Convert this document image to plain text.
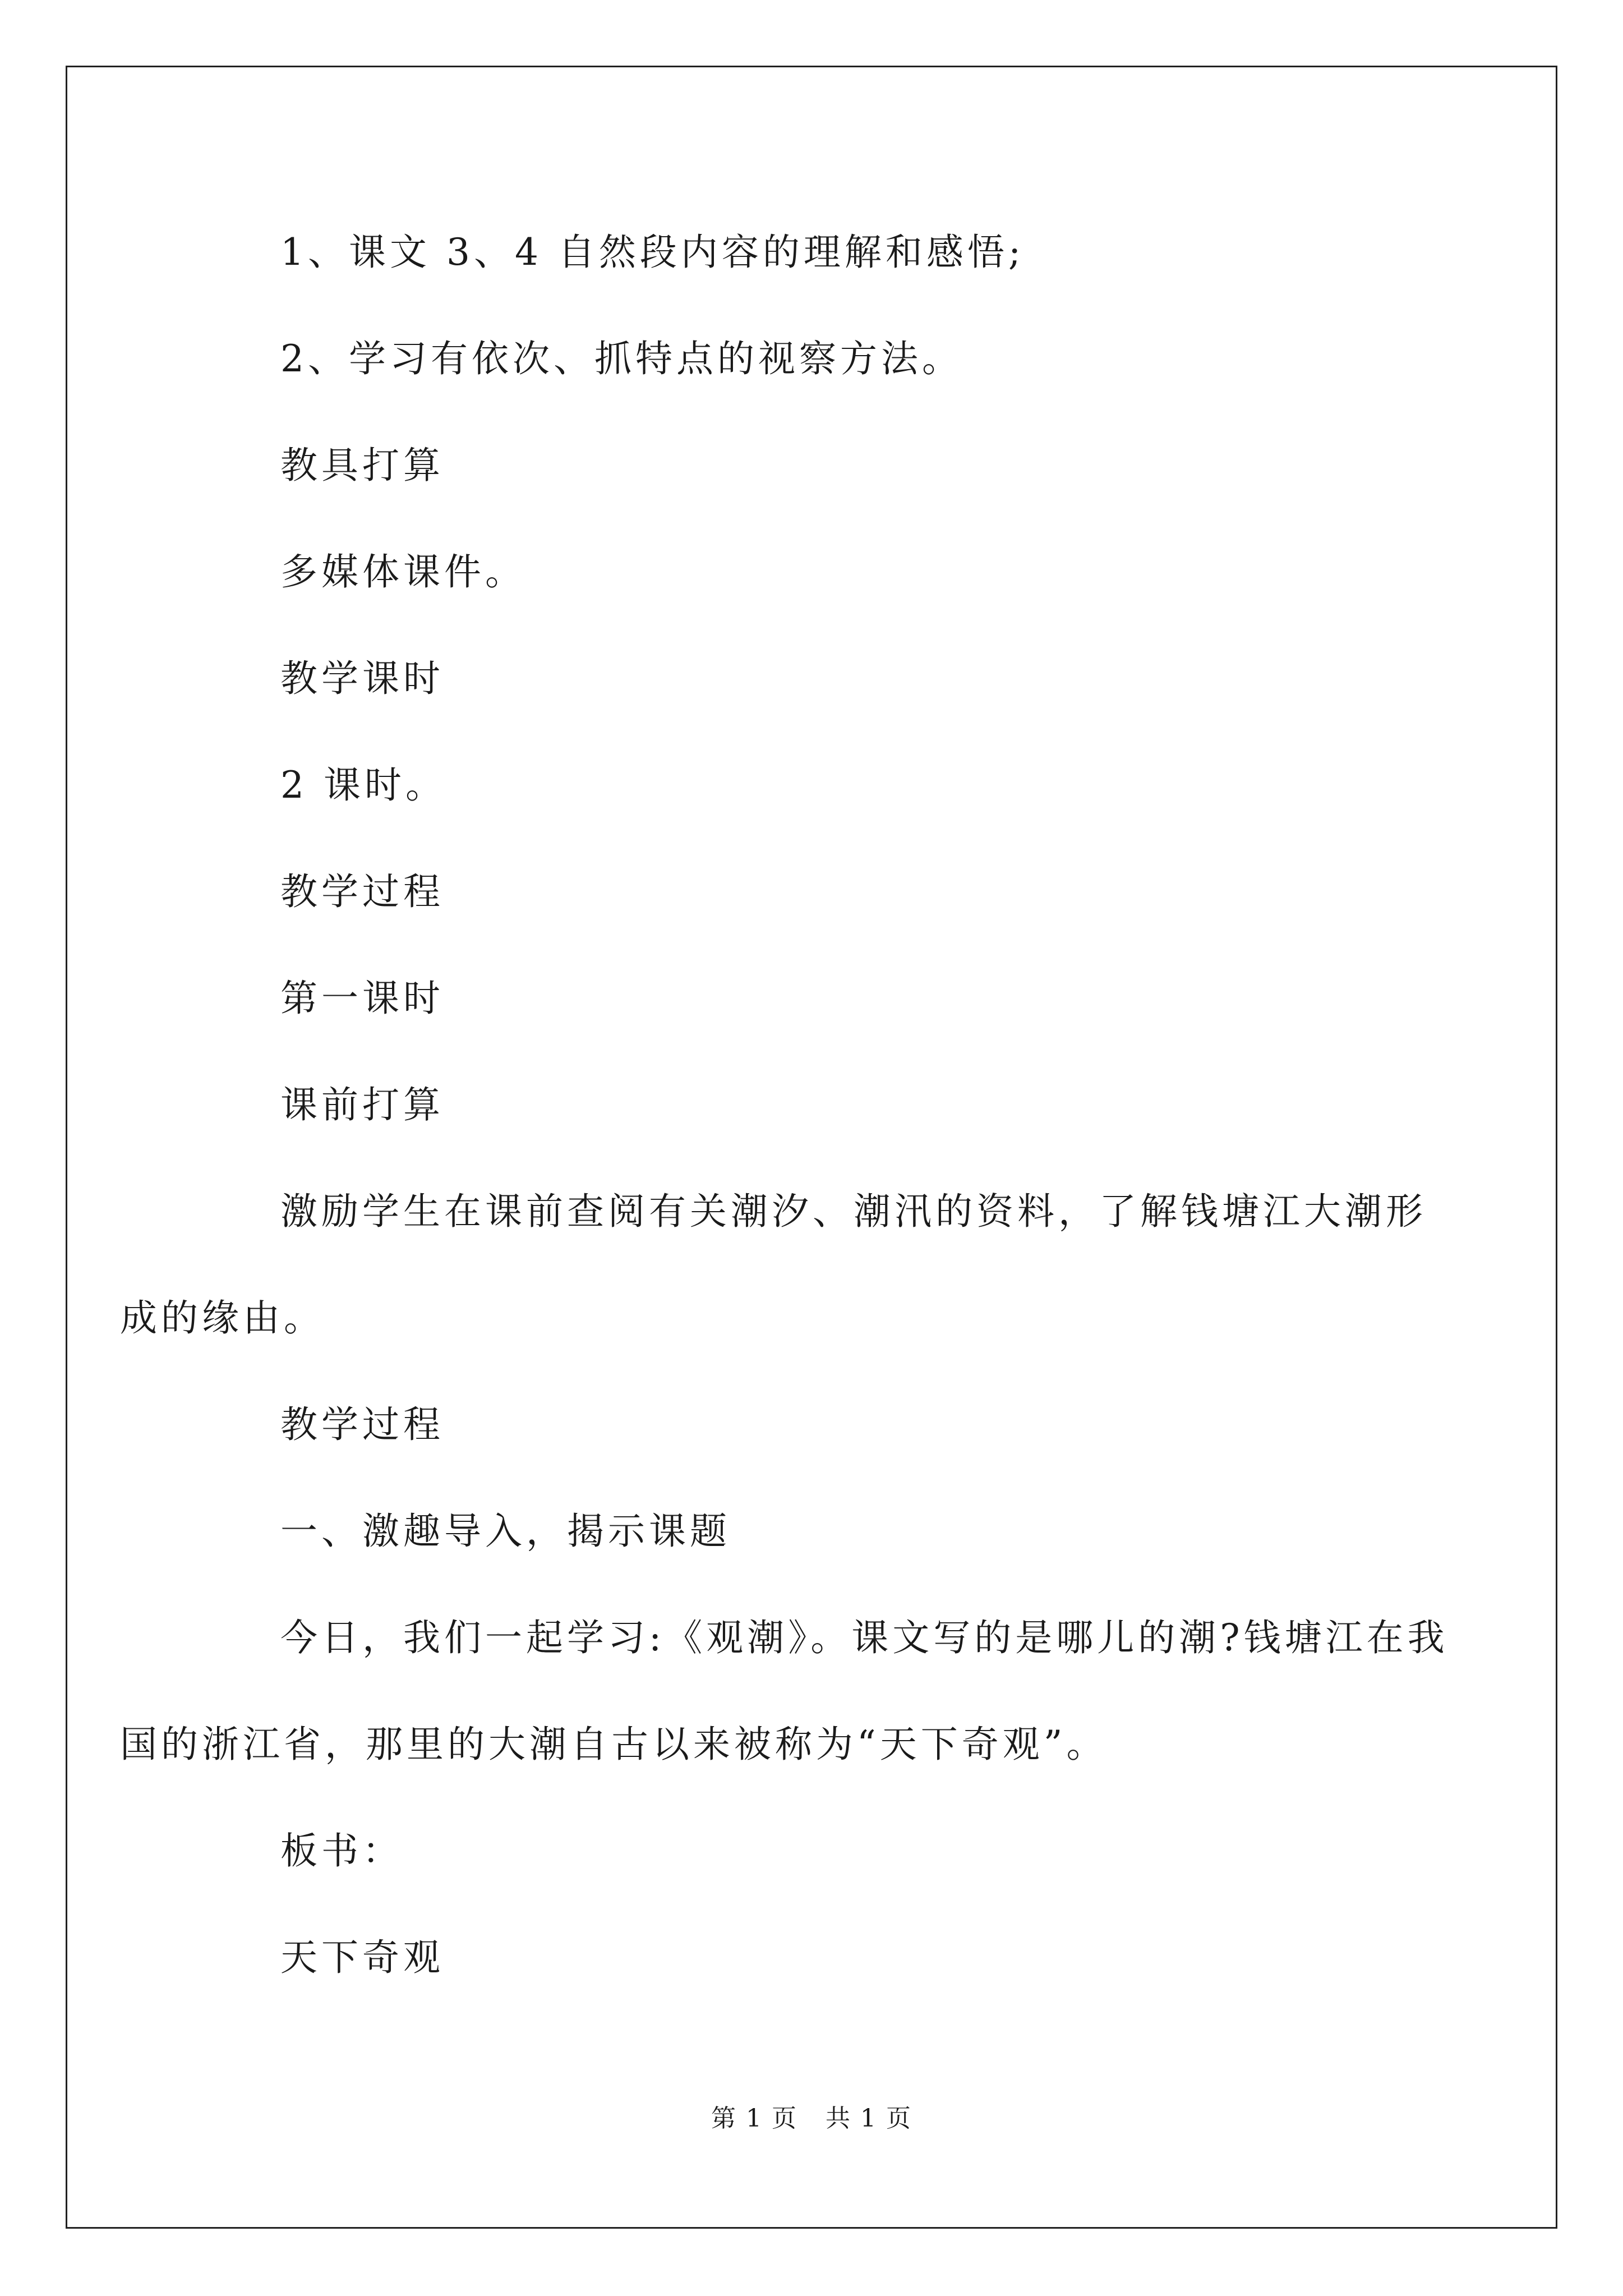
1、课文 3、4 自然段内容的理解和感悟;
2、学习有依次、抓特点的视察方法。
教具打算
多媒体课件。
教学课时
2 课时。
教学过程
第一课时
课前打算
激励学生在课前查阅有关潮汐、潮汛的资料，了解钱塘江大潮形
成的缘由。
教学过程
一、激趣导入，揭示课题
今日，我们一起学习:《观潮》。课文写的是哪儿的潮?钱塘江在我
国的浙江省，那里的大潮自古以来被称为“天下奇观”。
板书：
天下奇观
第 1 页 共 1 页
